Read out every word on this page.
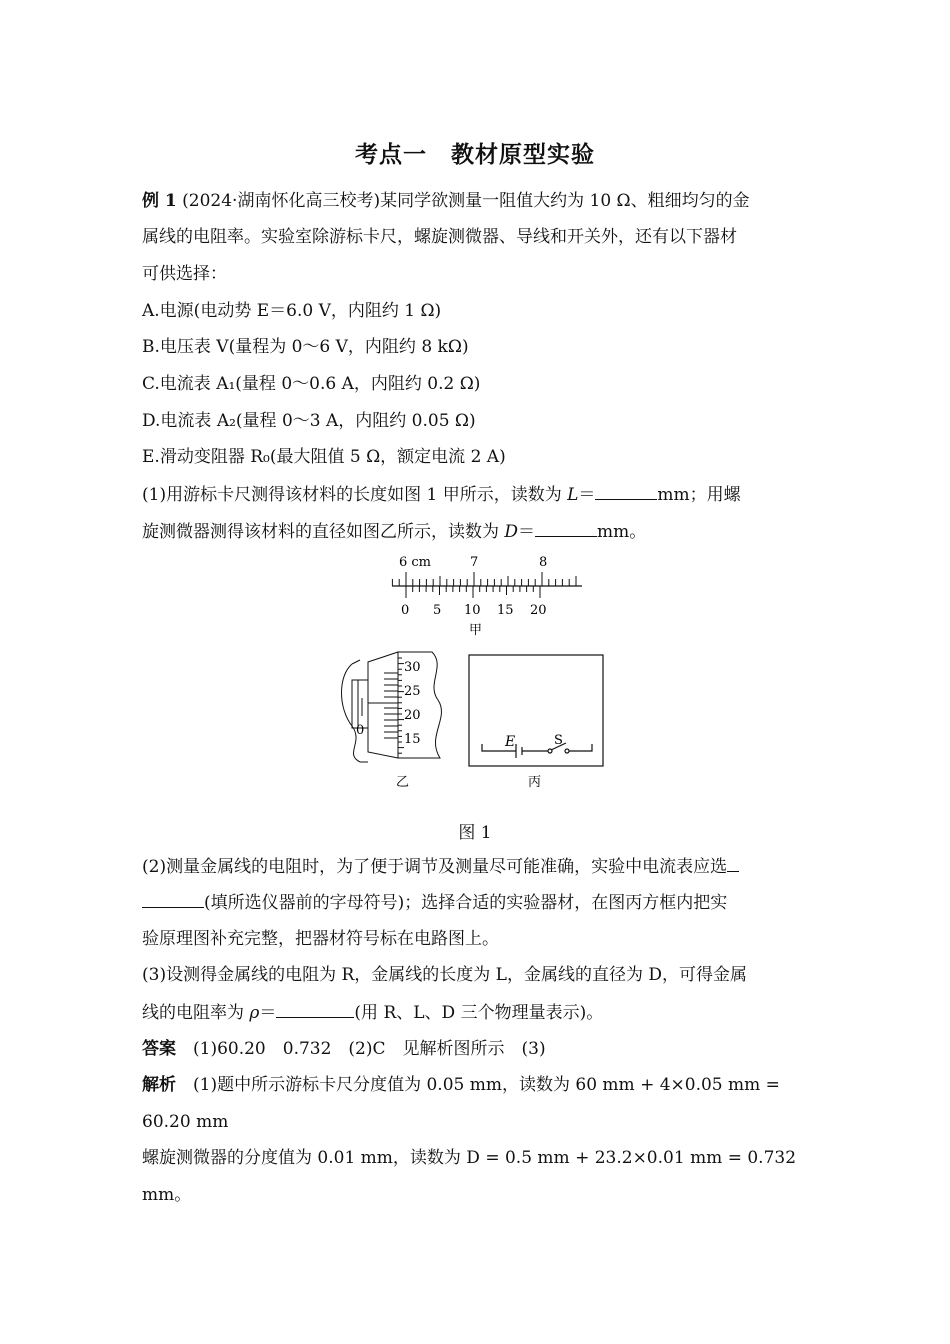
考点一　教材原型实验
例 1 (2024·湖南怀化高三校考)某同学欲测量一阻值大约为 10 Ω、粗细均匀的金
属线的电阻率。实验室除游标卡尺，螺旋测微器、导线和开关外，还有以下器材
可供选择：
A.电源(电动势 E＝6.0 V，内阻约 1 Ω)
B.电压表 V(量程为 0～6 V，内阻约 8 kΩ)
C.电流表 A₁(量程 0～0.6 A，内阻约 0.2 Ω)
D.电流表 A₂(量程 0～3 A，内阻约 0.05 Ω)
E.滑动变阻器 R₀(最大阻值 5 Ω，额定电流 2 A)
(1)用游标卡尺测得该材料的长度如图 1 甲所示，读数为 L＝	mm；用螺
旋测微器测得该材料的直径如图乙所示，读数为 D＝	mm。
6 cm	7	8
0 5 10 15 20
甲
30
25
20
15
0
乙
E	S
丙
图 1
(2)测量金属线的电阻时，为了便于调节及测量尽可能准确，实验中电流表应选
(填所选仪器前的字母符号)；选择合适的实验器材，在图丙方框内把实
验原理图补充完整，把器材符号标在电路图上。
(3)设测得金属线的电阻为 R，金属线的长度为 L，金属线的直径为 D，可得金属
线的电阻率为 ρ＝	(用 R、L、D 三个物理量表示)。
答案　 (1)60.20　0.732　(2)C　见解析图所示　(3)
解析　 (1)题中所示游标卡尺分度值为 0.05 mm，读数为 60 mm + 4×0.05 mm =
60.20 mm
螺旋测微器的分度值为 0.01 mm，读数为 D = 0.5 mm + 23.2×0.01 mm = 0.732
mm。
